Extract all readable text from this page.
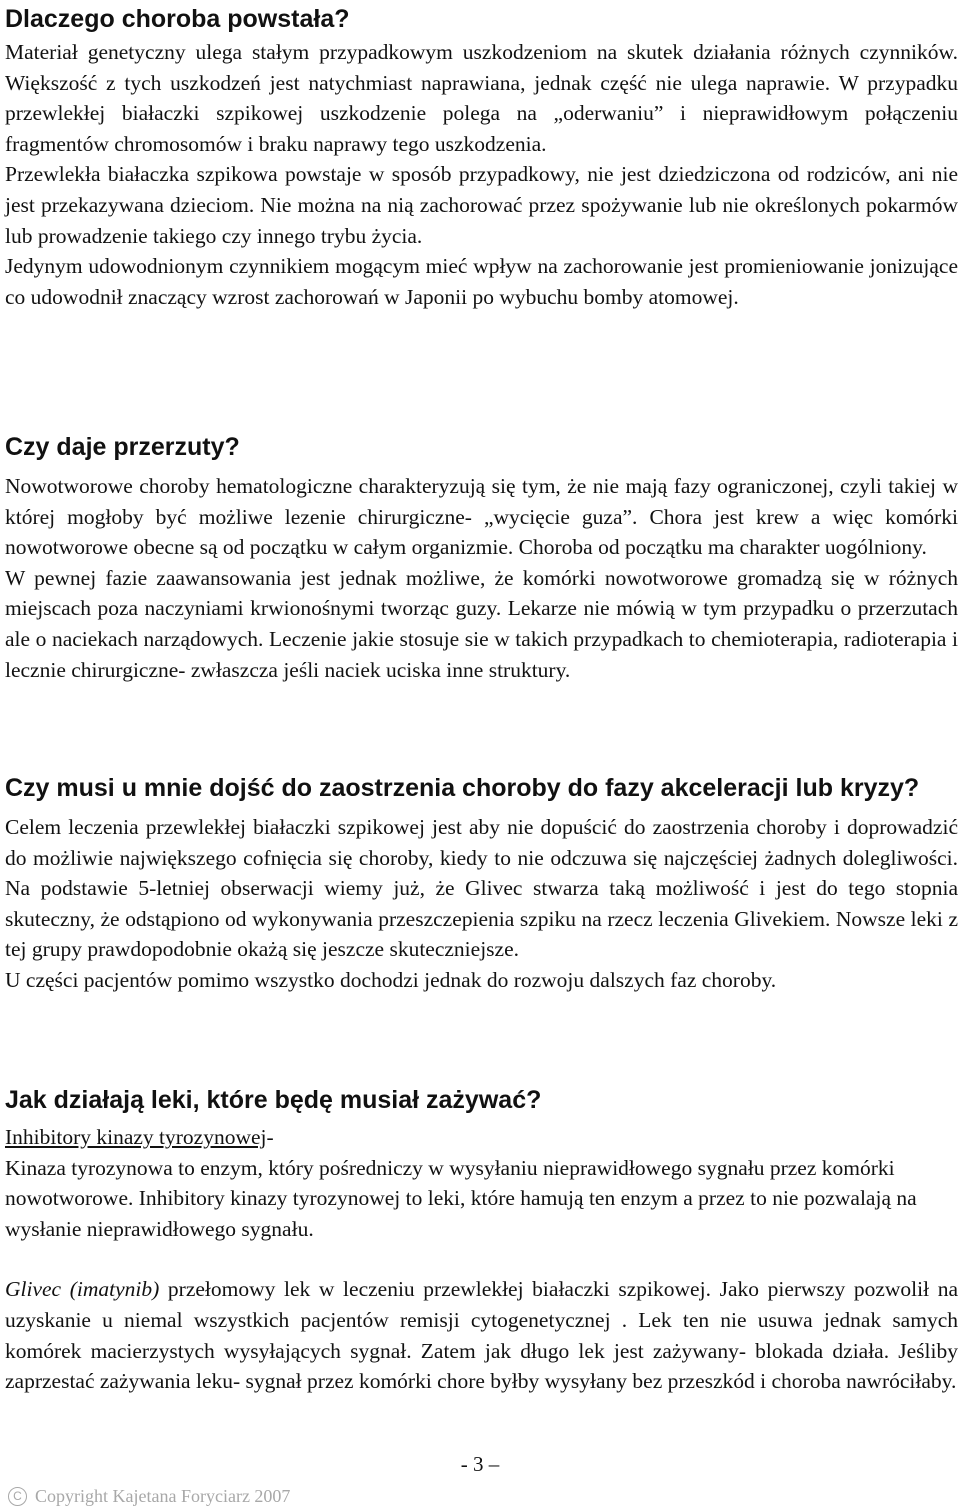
Dlaczego choroba powstała?

Materiał genetyczny ulega stałym przypadkowym uszkodzeniom na skutek działania różnych czynników. Większość z tych uszkodzeń jest natychmiast naprawiana, jednak część nie ulega naprawie. W przypadku przewlekłej białaczki szpikowej uszkodzenie polega na „oderwaniu” i nieprawidłowym połączeniu fragmentów chromosomów i braku naprawy tego uszkodzenia.

Przewlekła białaczka szpikowa powstaje w sposób przypadkowy, nie jest dziedziczona od rodziców, ani nie jest przekazywana dzieciom. Nie można na nią zachorować przez spożywanie lub nie określonych pokarmów lub prowadzenie takiego czy innego trybu życia.

Jedynym udowodnionym czynnikiem mogącym mieć wpływ na zachorowanie jest promieniowanie jonizujące co udowodnił znaczący wzrost zachorowań w Japonii po wybuchu bomby atomowej.

Czy daje przerzuty?

Nowotworowe choroby hematologiczne charakteryzują się tym, że nie mają fazy ograniczonej, czyli takiej w której mogłoby być możliwe lezenie chirurgiczne- „wycięcie guza”. Chora jest krew a więc komórki nowotworowe obecne są od początku w całym organizmie. Choroba od początku ma charakter uogólniony.

W pewnej fazie zaawansowania jest jednak możliwe, że komórki nowotworowe gromadzą się w różnych miejscach poza naczyniami krwionośnymi tworząc guzy. Lekarze nie mówią w tym przypadku o przerzutach ale o naciekach narządowych. Leczenie jakie stosuje sie w takich przypadkach to chemioterapia, radioterapia i lecznie chirurgiczne- zwłaszcza jeśli naciek uciska inne struktury.

Czy musi u mnie dojść do zaostrzenia choroby do fazy akceleracji lub kryzy?

Celem leczenia przewlekłej białaczki szpikowej jest aby nie dopuścić do zaostrzenia choroby i doprowadzić do możliwie największego cofnięcia się choroby, kiedy to nie odczuwa się najczęściej żadnych dolegliwości. Na podstawie 5-letniej obserwacji wiemy już, że Glivec stwarza taką możliwość i jest do tego stopnia skuteczny, że odstąpiono od wykonywania przeszczepienia szpiku na rzecz leczenia Glivekiem. Nowsze leki z tej grupy prawdopodobnie okażą się jeszcze skuteczniejsze.

U części pacjentów pomimo wszystko dochodzi jednak do rozwoju dalszych faz choroby.

Jak działają leki, które będę musiał zażywać?

Inhibitory kinazy tyrozynowej-

Kinaza tyrozynowa to enzym, który pośredniczy w wysyłaniu nieprawidłowego sygnału przez komórki nowotworowe. Inhibitory kinazy tyrozynowej to leki, które hamują ten enzym a przez to nie pozwalają na wysłanie nieprawidłowego sygnału.

Glivec (imatynib) przełomowy lek w leczeniu przewlekłej białaczki szpikowej. Jako pierwszy pozwolił na uzyskanie u niemal wszystkich pacjentów remisji cytogenetycznej . Lek ten nie usuwa jednak samych komórek macierzystych wysyłających sygnał. Zatem jak długo lek jest zażywany- blokada działa. Jeśliby zaprzestać zażywania leku- sygnał przez komórki chore byłby wysyłany bez przeszkód i choroba nawróciłaby.

- 3 –
C Copyright Kajetana Foryciarz 2007
